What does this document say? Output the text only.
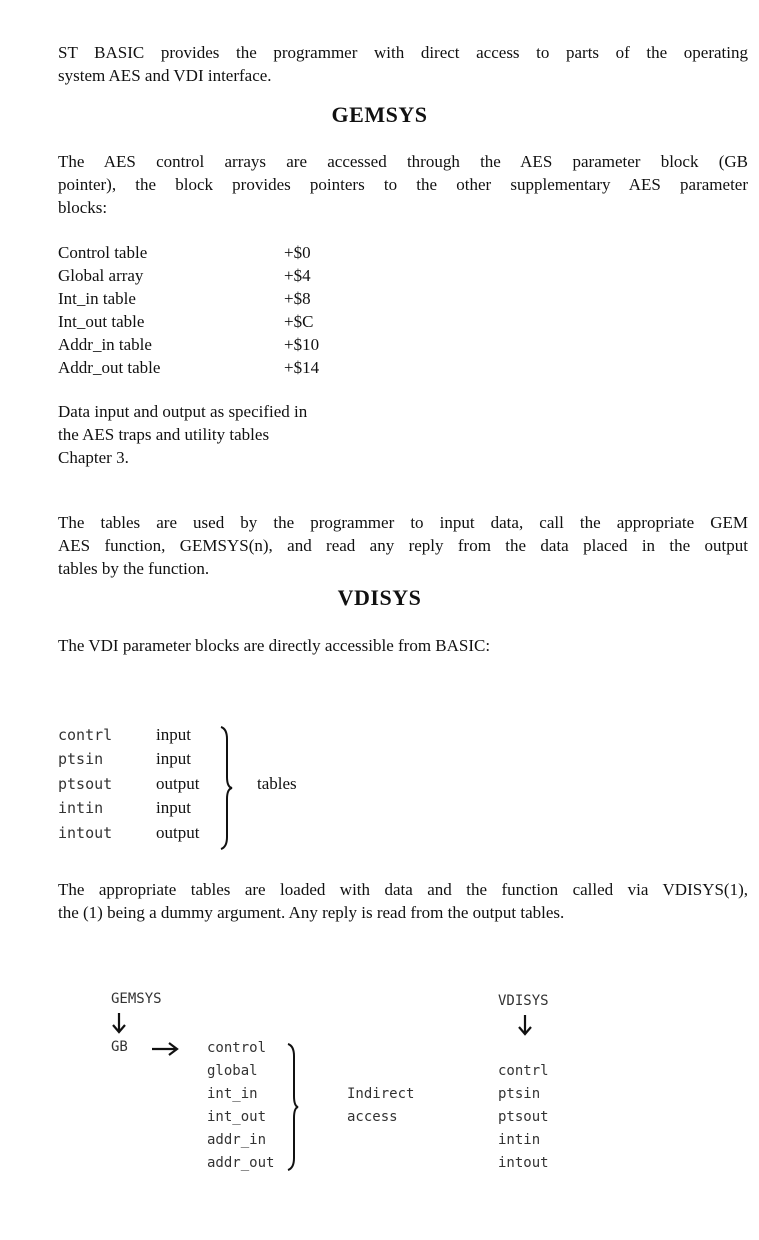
ST BASIC provides the programmer with direct access to parts of the operating
system AES and VDI interface.
GEMSYS
The AES control arrays are accessed through the AES parameter block (GB
pointer), the block provides pointers to the other supplementary AES parameter
blocks:
Control table	+$0
Global array	+$4
Int_in table	+$8
Int_out table	+$C
Addr_in table	+$10
Addr_out table	+$14
Data input and output as specified in
the AES traps and utility tables
Chapter 3.
The tables are used by the programmer to input data, call the appropriate GEM
AES function, GEMSYS(n), and read any reply from the data placed in the output
tables by the function.
VDISYS
The VDI parameter blocks are directly accessible from BASIC:
contrl	input
ptsin	input
ptsout	output
intin	input
intout	output
tables
The appropriate tables are loaded with data and the function called via VDISYS(1),
the (1) being a dummy argument. Any reply is read from the output tables.
GEMSYS
GB	control
global
int_in
int_out
addr_in
addr_out
Indirect
access
VDISYS
contrl
ptsin
ptsout
intin
intout
